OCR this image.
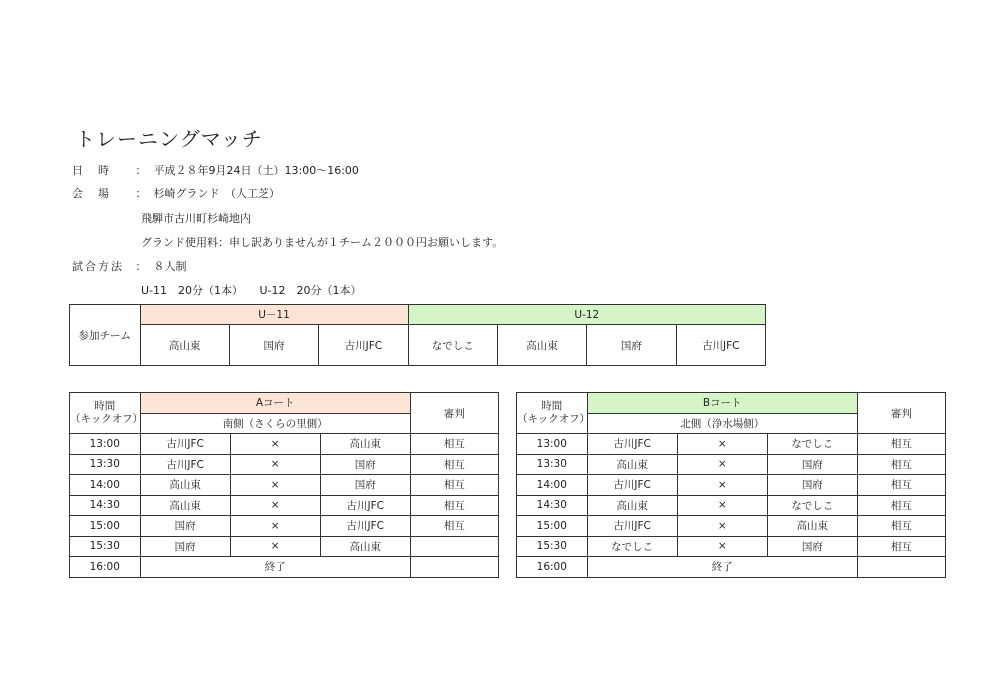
トレーニングマッチ
日　時 ： 平成２８年9月24日（土）13:00～16:00
会　場 ： 杉崎グランド　（人工芝）
飛騨市古川町杉崎地内
グランド使用料：申し訳ありませんが１チーム２０００円お願いします。
試合方法 ： ８人制
U-11　20分（1本）　　U-12　20分（1本）
参加チーム	U－11			U-12			
	高山東	国府	古川JFC	なでしこ	高山東	国府	古川JFC
時間
（キックオフ）	Aコート			審判
	南側（さくらの里側）			
13:00	古川JFC	×	高山東	相互
13:30	古川JFC	×	国府	相互
14:00	高山東	×	国府	相互
14:30	高山東	×	古川JFC	相互
15:00	国府	×	古川JFC	相互
15:30	国府	×	高山東	
16:00	終了			
時間
（キックオフ）	Bコート			審判
	北側（浄水場側）			
13:00	古川JFC	×	なでしこ	相互
13:30	高山東	×	国府	相互
14:00	古川JFC	×	国府	相互
14:30	高山東	×	なでしこ	相互
15:00	古川JFC	×	高山東	相互
15:30	なでしこ	×	国府	相互
16:00	終了			
